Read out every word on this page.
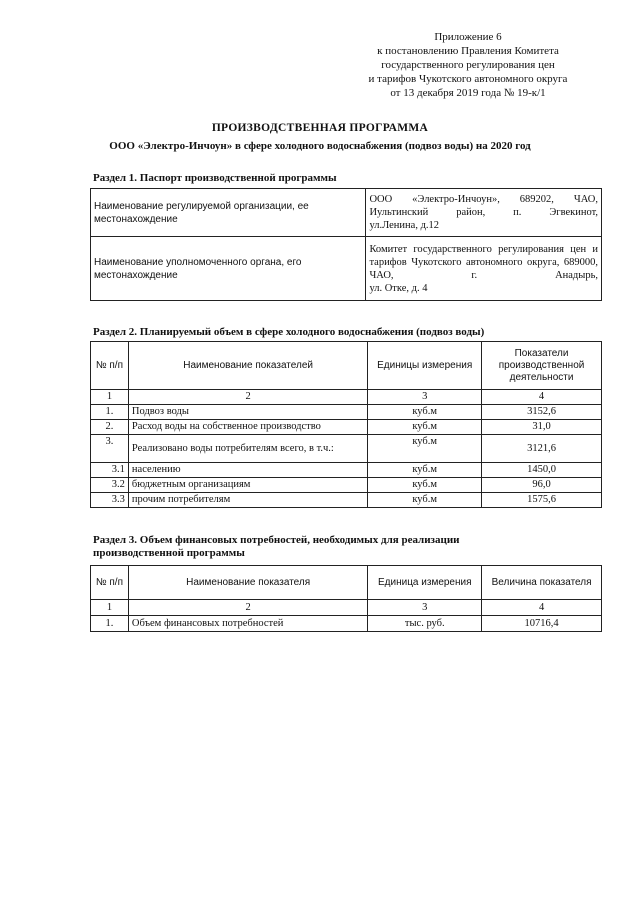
Приложение 6
к постановлению Правления Комитета
государственного регулирования цен
и тарифов Чукотского автономного округа
от 13 декабря 2019 года № 19-к/1
ПРОИЗВОДСТВЕННАЯ ПРОГРАММА
ООО «Электро-Инчоун» в сфере холодного водоснабжения (подвоз воды) на 2020 год
Раздел 1. Паспорт производственной программы
Наименование регулируемой организации, ее местонахождение	ООО «Электро-Инчоун», 689202, ЧАО, Иультинский район, п. Эгвекинот,
ул.Ленина, д.12

Наименование уполномоченного органа, его местонахождение	Комитет государственного регулирования цен и тарифов Чукотского автономного округа, 689000, ЧАО, г. Анадырь,
ул. Отке, д. 4
Раздел 2. Планируемый объем в сфере холодного водоснабжения (подвоз воды)
№ п/п	Наименование показателей	Единицы измерения	Показатели производственной деятельности
1	2	3	4
1.	Подвоз воды	куб.м	3152,6
2.	Расход воды на собственное производство	куб.м	31,0
3.	Реализовано воды потребителям всего, в т.ч.:	куб.м	3121,6
3.1	населению	куб.м	1450,0
3.2	бюджетным организациям	куб.м	96,0
3.3	прочим потребителям	куб.м	1575,6
Раздел 3. Объем финансовых потребностей, необходимых для реализации
производственной программы
№ п/п	Наименование показателя	Единица измерения	Величина показателя
1	2	3	4
1.	Объем финансовых потребностей	тыс. руб.	10716,4
